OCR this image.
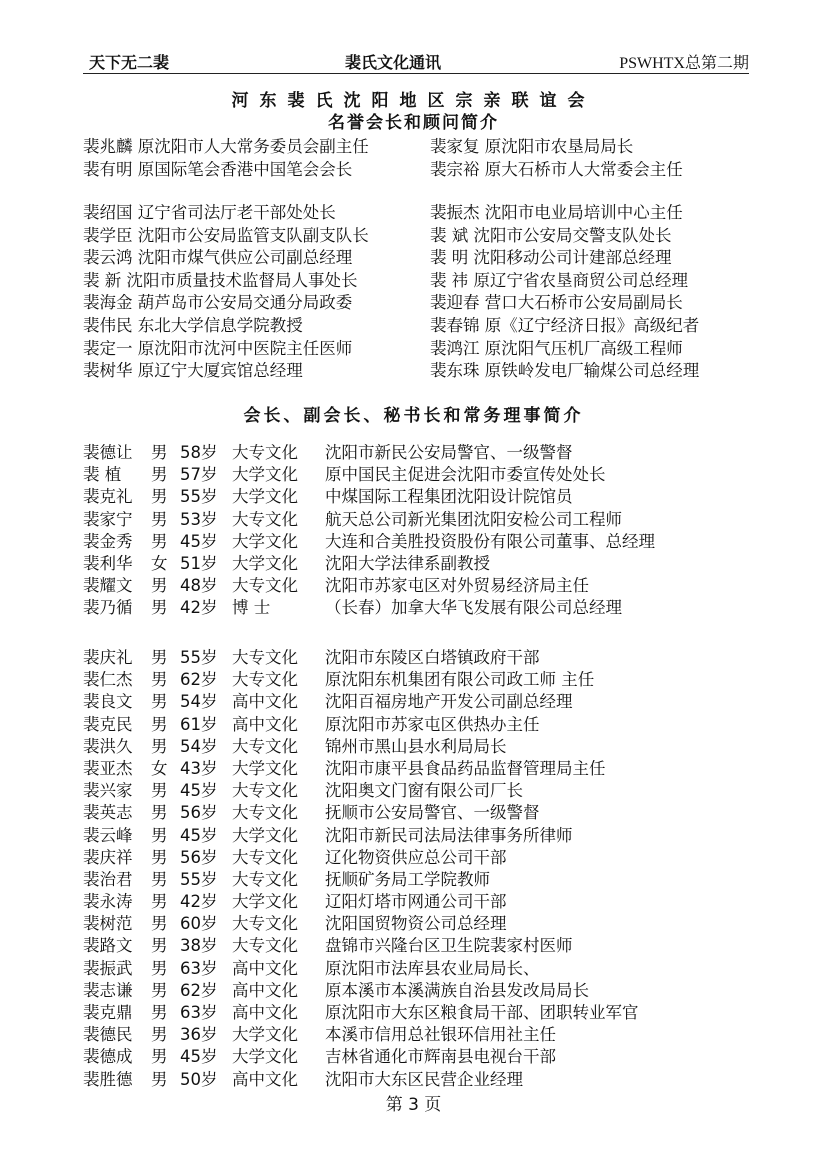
天下无二裴	裴氏文化通讯	PSWHTX总第二期
河东裴氏沈阳地区宗亲联谊会
名誉会长和顾问简介
裴兆麟 原沈阳市人大常务委员会副主任	裴家复 原沈阳市农垦局局长
裴有明 原国际笔会香港中国笔会会长	裴宗裕 原大石桥市人大常委会主任
裴绍国 辽宁省司法厅老干部处处长	裴振杰 沈阳市电业局培训中心主任
裴学臣 沈阳市公安局监管支队副支队长	裴 斌 沈阳市公安局交警支队处长
裴云鸿 沈阳市煤气供应公司副总经理	裴 明 沈阳移动公司计建部总经理
裴 新 沈阳市质量技术监督局人事处长	裴 祎 原辽宁省农垦商贸公司总经理
裴海金 葫芦岛市公安局交通分局政委	裴迎春 营口大石桥市公安局副局长
裴伟民 东北大学信息学院教授	裴春锦 原《辽宁经济日报》高级纪者
裴定一 原沈阳市沈河中医院主任医师	裴鸿江 原沈阳气压机厂高级工程师
裴树华 原辽宁大厦宾馆总经理	裴东珠 原铁岭发电厂输煤公司总经理
会长、副会长、秘书长和常务理事简介
裴德让 男 58岁 大专文化 沈阳市新民公安局警官、一级警督
裴 植 男 57岁 大学文化 原中国民主促进会沈阳市委宣传处处长
裴克礼 男 55岁 大学文化 中煤国际工程集团沈阳设计院馆员
裴家宁 男 53岁 大专文化 航天总公司新光集团沈阳安检公司工程师
裴金秀 男 45岁 大学文化 大连和合美胜投资股份有限公司董事、总经理
裴利华 女 51岁 大学文化 沈阳大学法律系副教授
裴耀文 男 48岁 大专文化 沈阳市苏家屯区对外贸易经济局主任
裴乃循 男 42岁 博 士	（长春）加拿大华飞发展有限公司总经理
裴庆礼 男 55岁 大专文化 沈阳市东陵区白塔镇政府干部
裴仁杰 男 62岁 大专文化 原沈阳东机集团有限公司政工师 主任
裴良文 男 54岁 高中文化 沈阳百福房地产开发公司副总经理
裴克民 男 61岁 高中文化 原沈阳市苏家屯区供热办主任
裴洪久 男 54岁 大专文化 锦州市黑山县水利局局长
裴亚杰 女 43岁 大学文化 沈阳市康平县食品药品监督管理局主任
裴兴家 男 45岁 大专文化 沈阳奥文门窗有限公司厂长
裴英志 男 56岁 大专文化 抚顺市公安局警官、一级警督
裴云峰 男 45岁 大学文化 沈阳市新民司法局法律事务所律师
裴庆祥 男 56岁 大专文化 辽化物资供应总公司干部
裴治君 男 55岁 大专文化 抚顺矿务局工学院教师
裴永涛 男 42岁 大学文化 辽阳灯塔市网通公司干部
裴树范 男 60岁 大专文化 沈阳国贸物资公司总经理
裴路文 男 38岁 大专文化 盘锦市兴隆台区卫生院裴家村医师
裴振武 男 63岁 高中文化 原沈阳市法库县农业局局长、
裴志谦 男 62岁 高中文化 原本溪市本溪满族自治县发改局局长
裴克鼎 男 63岁 高中文化 原沈阳市大东区粮食局干部、团职转业军官
裴德民 男 36岁 大学文化 本溪市信用总社银环信用社主任
裴德成 男 45岁 大学文化 吉林省通化市辉南县电视台干部
裴胜德 男 50岁 高中文化 沈阳市大东区民营企业经理
第 3 页
